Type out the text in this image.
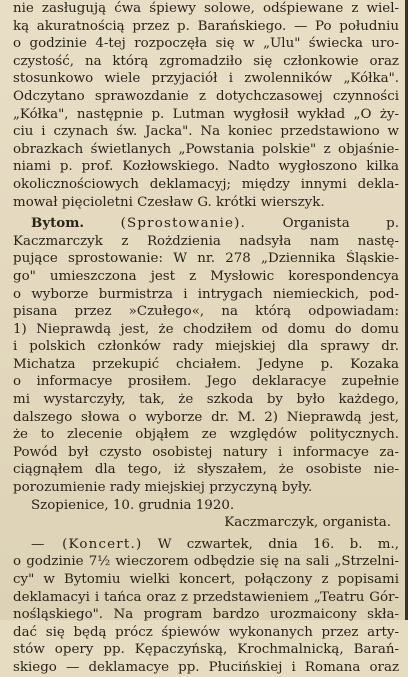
nie zasługują ćwa śpiewy solowe, odśpiewane z wiel-

ką akuratnością przez p. Barańskiego. — Po południu

o godzinie 4-tej rozpoczęła się w „Ulu" świecka uro-

czystość, na którą zgromadziło się członkowie oraz

stosunkowo wiele przyjaciół i zwolenników „Kółka".

Odczytano sprawozdanie z dotychczasowej czynności

„Kółka", następnie p. Lutman wygłosił wykład „O ży-

ciu i czynach św. Jacka". Na koniec przedstawiono w

obrazkach świetlanych „Powstania polskie" z objaśnie-

niami p. prof. Kozłowskiego. Nadto wygłoszono kilka

okolicznościowych deklamacyj; między innymi dekla-

mował pięcioletni Czesław G. krótki wierszyk.

Bytom.	(Sprostowanie).	Organista p.

Kaczmarczyk z Rożdzienia nadsyła nam nastę-

pujące sprostowanie: W nr. 278 „Dziennika Śląskie-

go" umieszczona jest z Mysłowic korespondencya

o wyborze burmistrza i intrygach niemieckich, pod-

pisana przez »Czułego«, na którą odpowiadam:

1) Nieprawdą jest, że chodziłem od domu do domu

i polskich członków rady miejskiej dla sprawy dr.

Michatza przekupić chciałem. Jedyne p. Kozaka

o informacye prosiłem. Jego deklaracye zupełnie

mi wystarczyły, tak, że szkoda by było każdego,

dalszego słowa o wyborze dr. M. 2) Nieprawdą jest,

że to zlecenie objąłem ze względów politycznych.

Powód był czysto osobistej natury i informacye za-

ciągnąłem dla tego, iż słyszałem, że osobiste nie-

porozumienie rady miejskiej przyczyną były.

Szopienice, 10. grudnia 1920.

Kaczmarczyk, organista.

— (Koncert.) W czwartek, dnia 16. b. m.,

o godzinie 7½ wieczorem odbędzie się na sali „Strzelni-

cy" w Bytomiu wielki koncert, połączony z popisami

deklamacyi i tańca oraz z przedstawieniem „Teatru Gór-

nośląskiego". Na program bardzo urozmaicony skła-

dać się będą prócz śpiewów wykonanych przez arty-

stów opery pp. Kępaczyńską, Krochmalnicką, Barań-

skiego — deklamacye pp. Płucińskiej i Romana oraz
